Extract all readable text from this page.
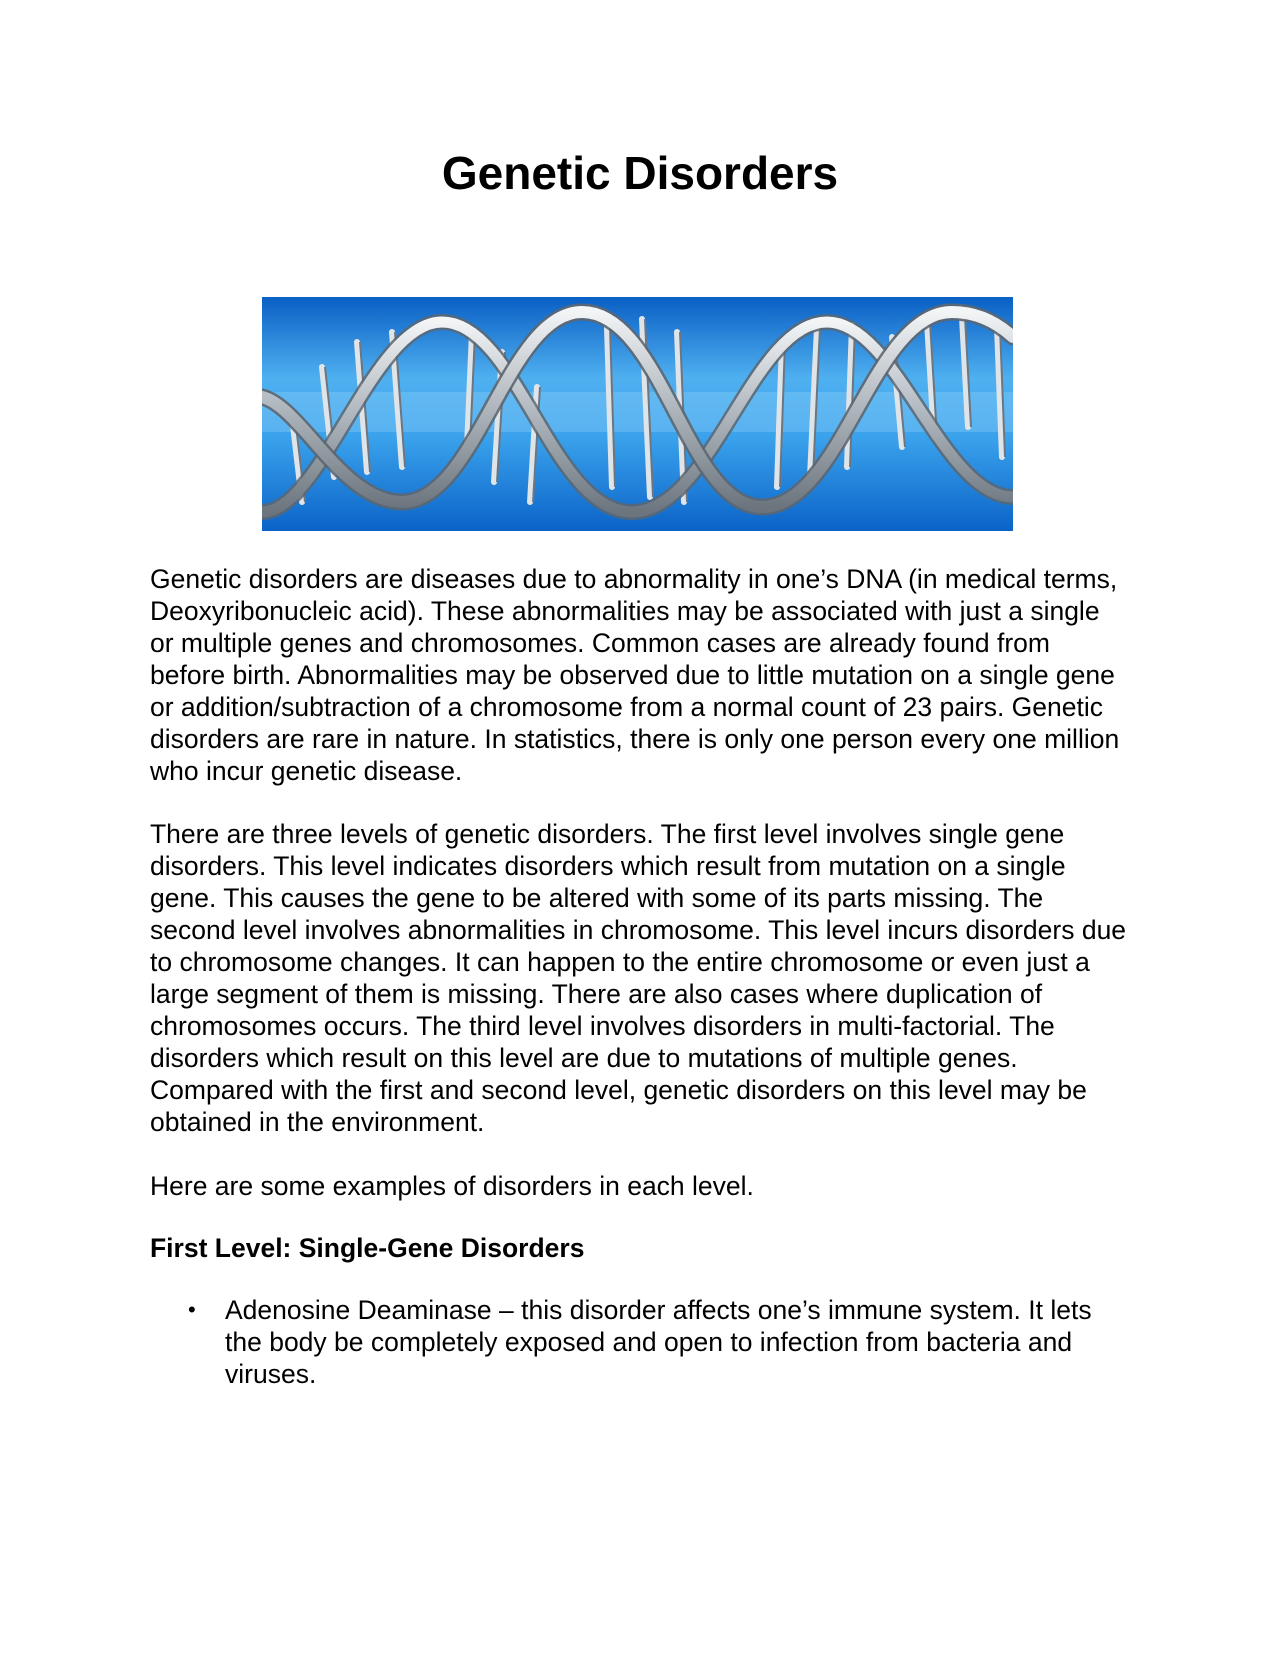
Genetic Disorders

Genetic disorders are diseases due to abnormality in one’s DNA (in medical terms, Deoxyribonucleic acid). These abnormalities may be associated with just a single or multiple genes and chromosomes. Common cases are already found from before birth. Abnormalities may be observed due to little mutation on a single gene or addition/subtraction of a chromosome from a normal count of 23 pairs. Genetic disorders are rare in nature. In statistics, there is only one person every one million who incur genetic disease.

There are three levels of genetic disorders. The first level involves single gene disorders. This level indicates disorders which result from mutation on a single gene. This causes the gene to be altered with some of its parts missing. The second level involves abnormalities in chromosome. This level incurs disorders due to chromosome changes. It can happen to the entire chromosome or even just a large segment of them is missing. There are also cases where duplication of chromosomes occurs. The third level involves disorders in multi-factorial. The disorders which result on this level are due to mutations of multiple genes. Compared with the first and second level, genetic disorders on this level may be obtained in the environment.

Here are some examples of disorders in each level.

First Level: Single-Gene Disorders
• Adenosine Deaminase – this disorder affects one’s immune system. It lets the body be completely exposed and open to infection from bacteria and viruses.
